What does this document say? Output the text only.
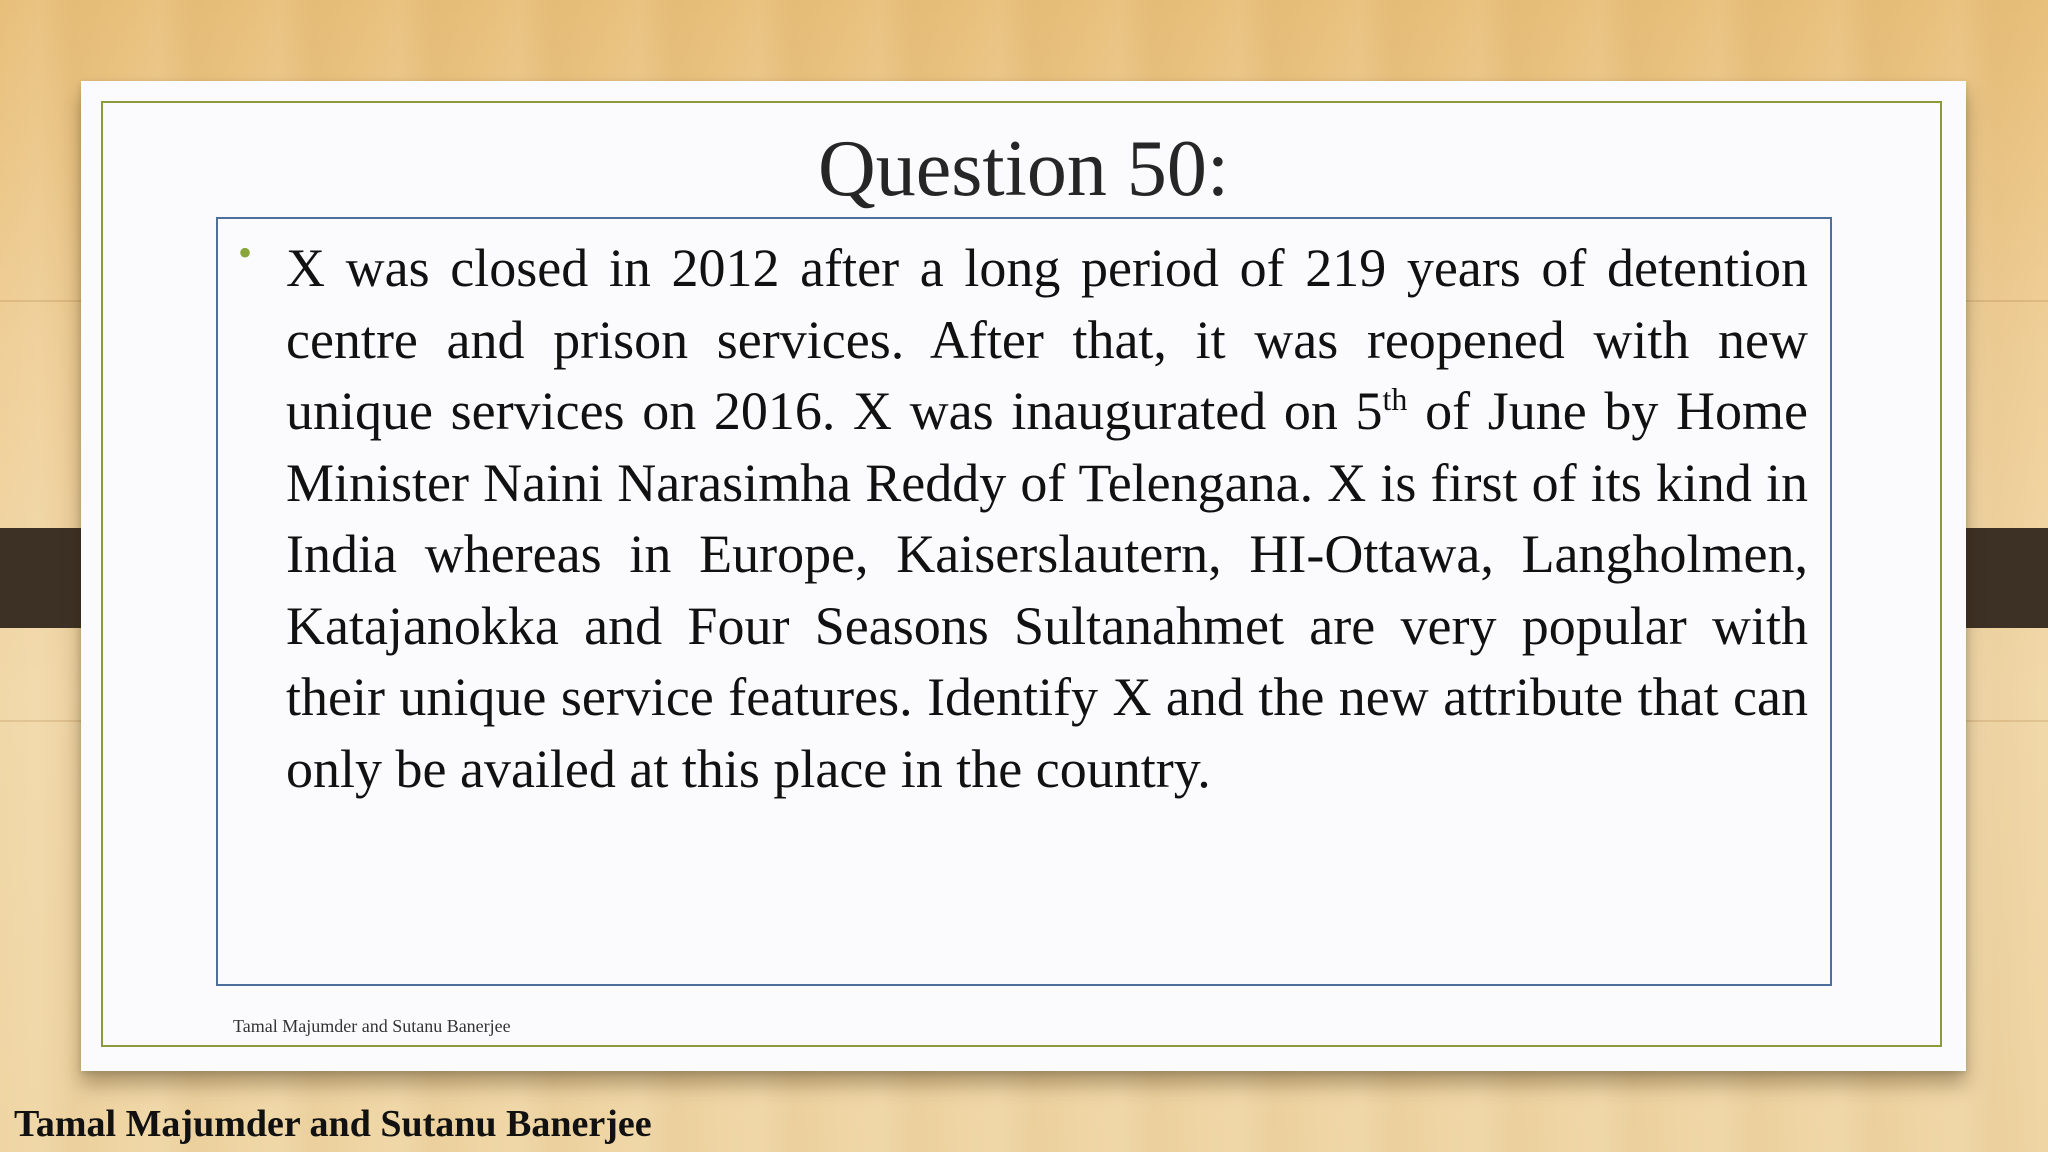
Question 50:
• X was closed in 2012 after a long period of 219 years of detention centre and prison services. After that, it was reopened with new unique services on 2016. X was inaugurated on 5th of June by Home Minister Naini Narasimha Reddy of Telengana. X is first of its kind in India whereas in Europe, Kaiserslautern, HI-Ottawa, Langholmen, Katajanokka and Four Seasons Sultanahmet are very popular with their unique service features. Identify X and the new attribute that can only be availed at this place in the country.
Tamal Majumder and Sutanu Banerjee
Tamal Majumder and Sutanu Banerjee
